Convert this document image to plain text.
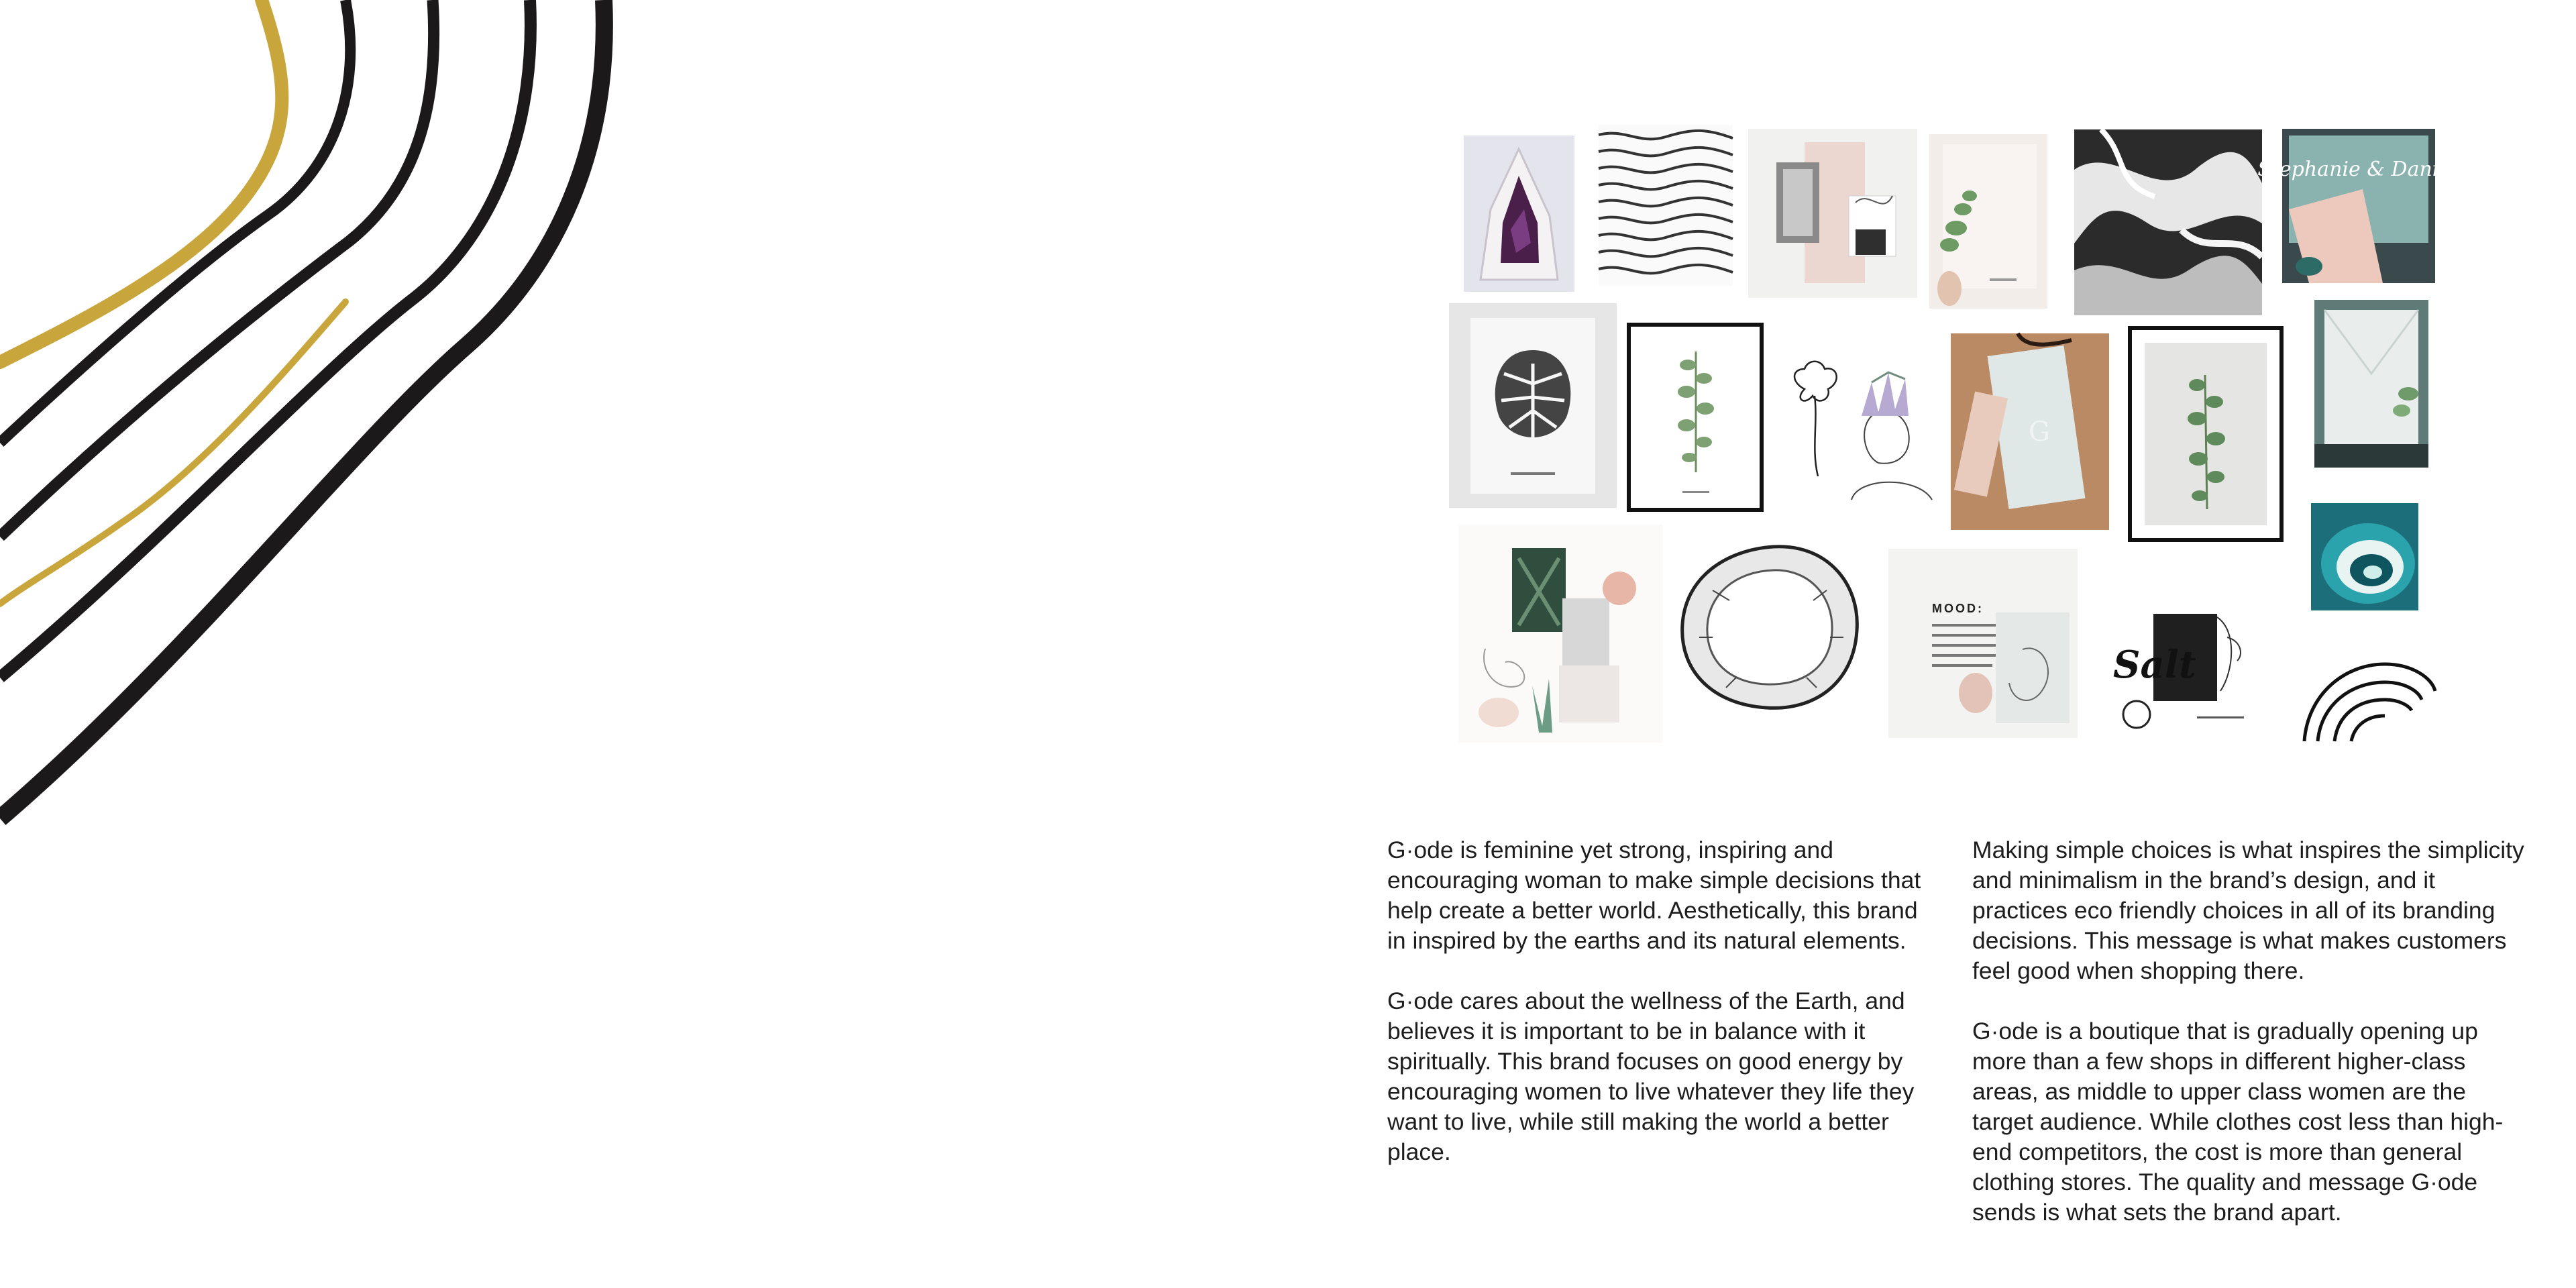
Stephanie & Daniel
G
MOOD:
Salt

G·ode is feminine yet strong, inspiring and encouraging woman to make simple decisions that help create a better world. Aesthetically, this brand in inspired by the earths and its natural elements.

G·ode cares about the wellness of the Earth, and believes it is important to be in balance with it spiritually. This brand focuses on good energy by encouraging women to live whatever they life they want to live, while still making the world a better place.

Making simple choices is what inspires the simplicity and minimalism in the brand’s design, and it practices eco friendly choices in all of its branding decisions. This message is what makes customers feel good when shopping there.

G·ode is a boutique that is gradually opening up more than a few shops in different higher-class areas, as middle to upper class women are the target audience. While clothes cost less than high-end competitors, the cost is more than general clothing stores. The quality and message G·ode sends is what sets the brand apart.
